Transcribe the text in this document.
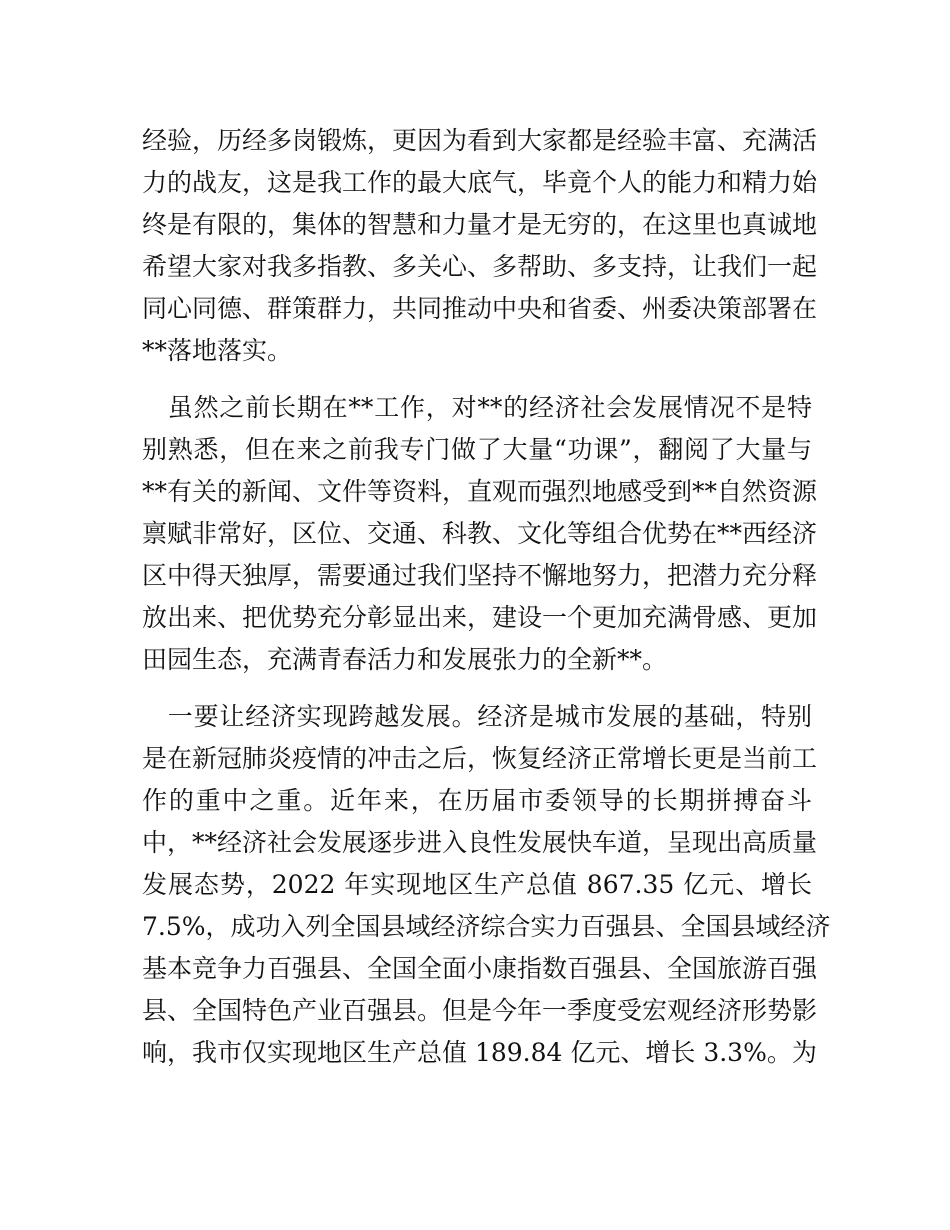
经验，历经多岗锻炼，更因为看到大家都是经验丰富、充满活
力的战友，这是我工作的最大底气，毕竟个人的能力和精力始
终是有限的，集体的智慧和力量才是无穷的，在这里也真诚地
希望大家对我多指教、多关心、多帮助、多支持，让我们一起
同心同德、群策群力，共同推动中央和省委、州委决策部署在
**落地落实。
　虽然之前长期在**工作，对**的经济社会发展情况不是特
别熟悉，但在来之前我专门做了大量“功课”，翻阅了大量与
**有关的新闻、文件等资料，直观而强烈地感受到**自然资源
禀赋非常好，区位、交通、科教、文化等组合优势在**西经济
区中得天独厚，需要通过我们坚持不懈地努力，把潜力充分释
放出来、把优势充分彰显出来，建设一个更加充满骨感、更加
田园生态，充满青春活力和发展张力的全新**。
　一要让经济实现跨越发展。经济是城市发展的基础，特别
是在新冠肺炎疫情的冲击之后，恢复经济正常增长更是当前工
作的重中之重。近年来，在历届市委领导的长期拼搏奋斗
中，**经济社会发展逐步进入良性发展快车道，呈现出高质量
发展态势，2022 年实现地区生产总值 867.35 亿元、增长
7.5%，成功入列全国县域经济综合实力百强县、全国县域经济
基本竞争力百强县、全国全面小康指数百强县、全国旅游百强
县、全国特色产业百强县。但是今年一季度受宏观经济形势影
响，我市仅实现地区生产总值 189.84 亿元、增长 3.3%。为
